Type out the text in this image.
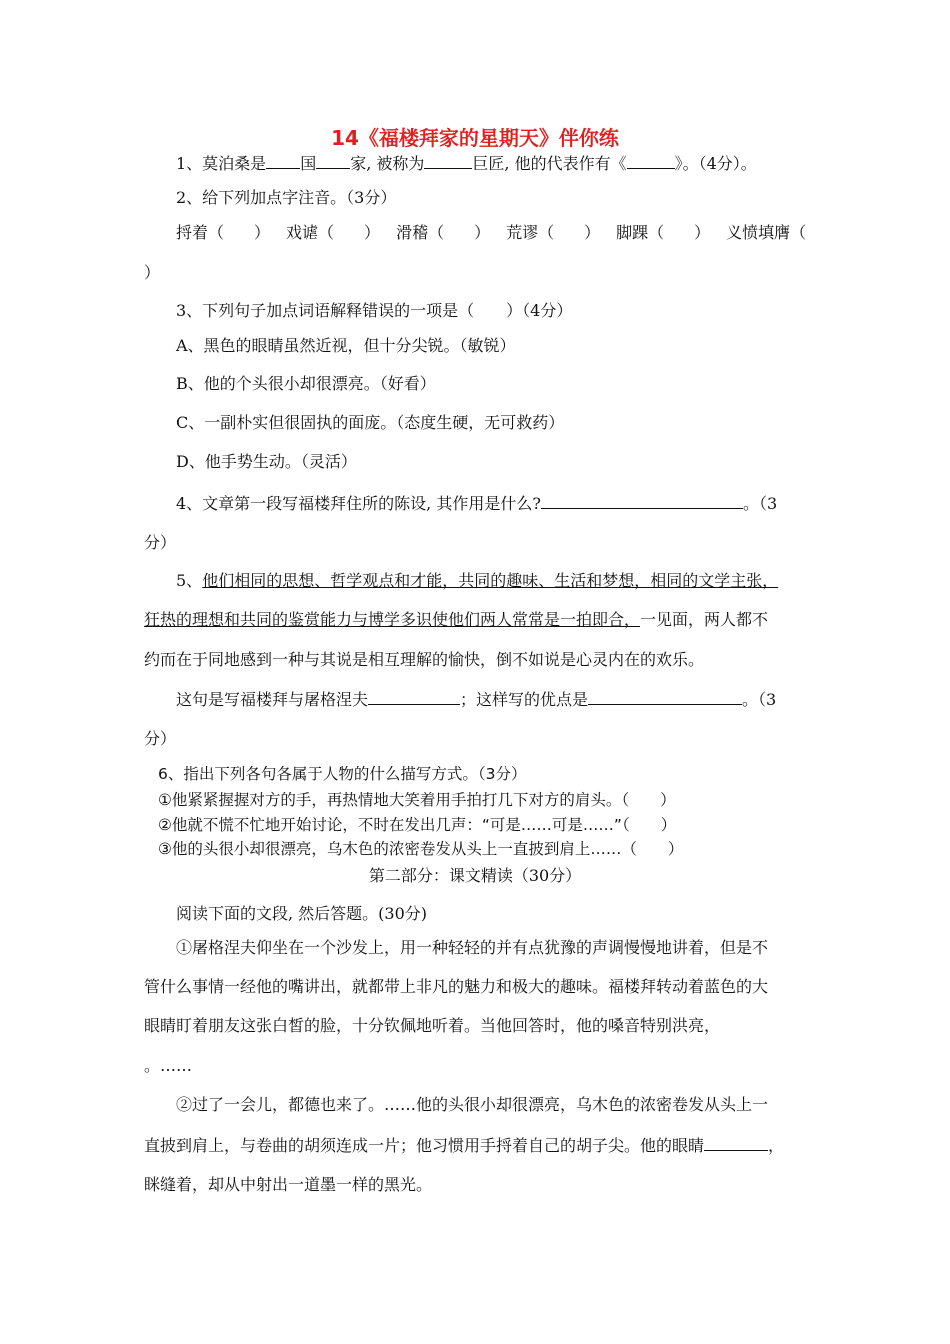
14《福楼拜家的星期天》伴你练
1、莫泊桑是 国 家, 被称为	巨匠, 他的代表作有《	》。（4分）。
2、给下列加点字注音。（3分）
捋着（ ） 戏谑（ ） 滑稽（ ） 荒谬（ ） 脚踝（ ） 义愤填膺（
）
3、下列句子加点词语解释错误的一项是（　　）（4分）
A、黑色的眼睛虽然近视，但十分尖锐。（敏锐）
B、他的个头很小却很漂亮。（好看）
C、一副朴实但很固执的面庞。（态度生硬，无可救药）
D、他手势生动。（灵活）
4、文章第一段写福楼拜住所的陈设, 其作用是什么?	。（3
分）
5、他们相同的思想、哲学观点和才能，共同的趣味、生活和梦想，相同的文学主张，
狂热的理想和共同的鉴赏能力与博学多识使他们两人常常是一拍即合，一见面，两人都不
约而在于同地感到一种与其说是相互理解的愉快，倒不如说是心灵内在的欢乐。
这句是写福楼拜与屠格涅夫	；这样写的优点是	。（3
分）
6、指出下列各句各属于人物的什么描写方式。（3分）
①他紧紧握握对方的手，再热情地大笑着用手拍打几下对方的肩头。（　　）
②他就不慌不忙地开始讨论，不时在发出几声：“可是……可是……”（　　）
③他的头很小却很漂亮，乌木色的浓密卷发从头上一直披到肩上……（　　）
第二部分：课文精读（30分）
阅读下面的文段, 然后答题。(30分)
①屠格涅夫仰坐在一个沙发上，用一种轻轻的并有点犹豫的声调慢慢地讲着，但是不
管什么事情一经他的嘴讲出，就都带上非凡的魅力和极大的趣味。福楼拜转动着蓝色的大
眼睛盯着朋友这张白皙的脸，十分钦佩地听着。当他回答时，他的嗓音特别洪亮，
。……
②过了一会儿，都德也来了。……他的头很小却很漂亮，乌木色的浓密卷发从头上一
直披到肩上，与卷曲的胡须连成一片；他习惯用手捋着自己的胡子尖。他的眼睛	，
眯缝着，却从中射出一道墨一样的黑光。
